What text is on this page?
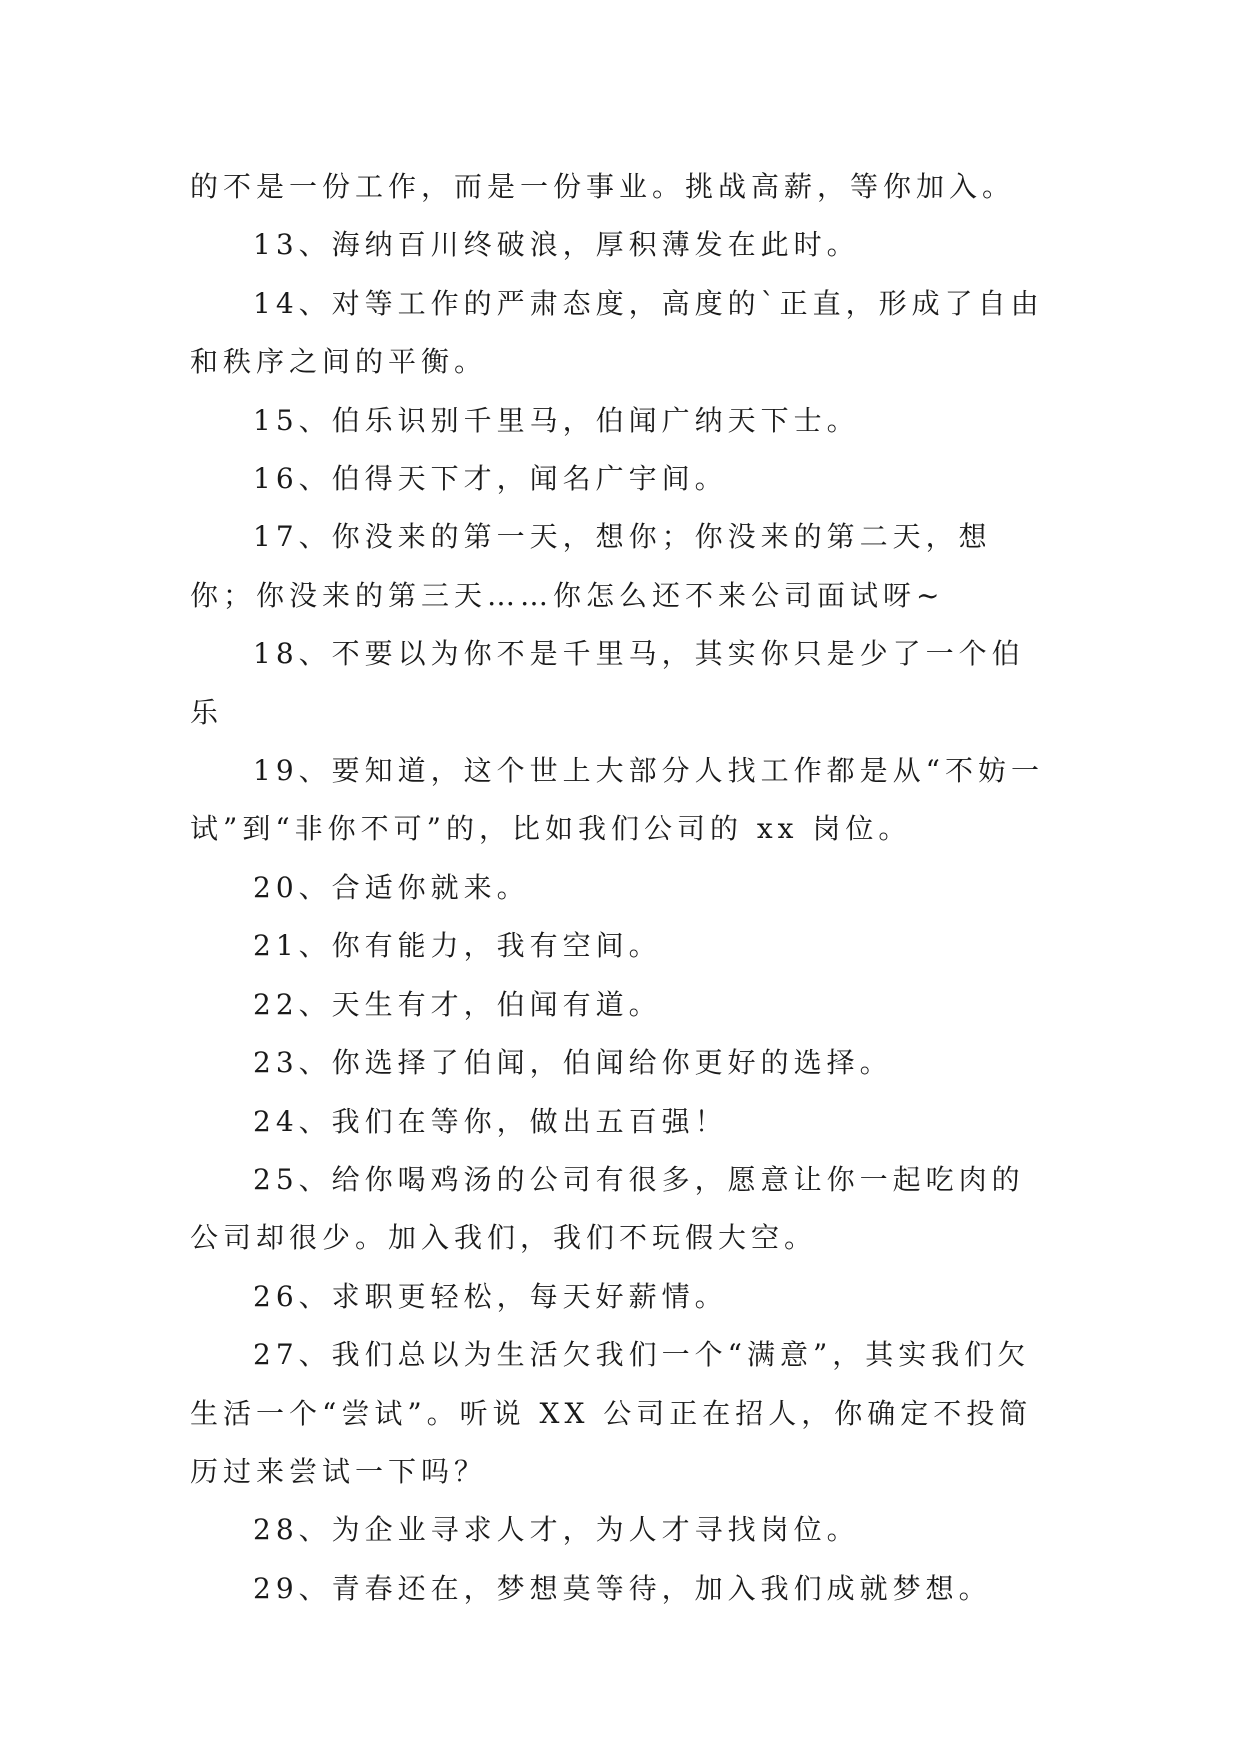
的不是一份工作，而是一份事业。挑战高薪，等你加入。

13、海纳百川终破浪，厚积薄发在此时。

14、对等工作的严肃态度，高度的`正直，形成了自由和秩序之间的平衡。

15、伯乐识别千里马，伯闻广纳天下士。

16、伯得天下才，闻名广宇间。

17、你没来的第一天，想你；你没来的第二天，想你；你没来的第三天……你怎么还不来公司面试呀~

18、不要以为你不是千里马，其实你只是少了一个伯乐

19、要知道，这个世上大部分人找工作都是从“不妨一试”到“非你不可”的，比如我们公司的 xx 岗位。

20、合适你就来。

21、你有能力，我有空间。

22、天生有才，伯闻有道。

23、你选择了伯闻，伯闻给你更好的选择。

24、我们在等你，做出五百强！

25、给你喝鸡汤的公司有很多，愿意让你一起吃肉的公司却很少。加入我们，我们不玩假大空。

26、求职更轻松，每天好薪情。

27、我们总以为生活欠我们一个“满意”，其实我们欠生活一个“尝试”。听说 XX 公司正在招人，你确定不投简历过来尝试一下吗？

28、为企业寻求人才，为人才寻找岗位。

29、青春还在，梦想莫等待，加入我们成就梦想。
